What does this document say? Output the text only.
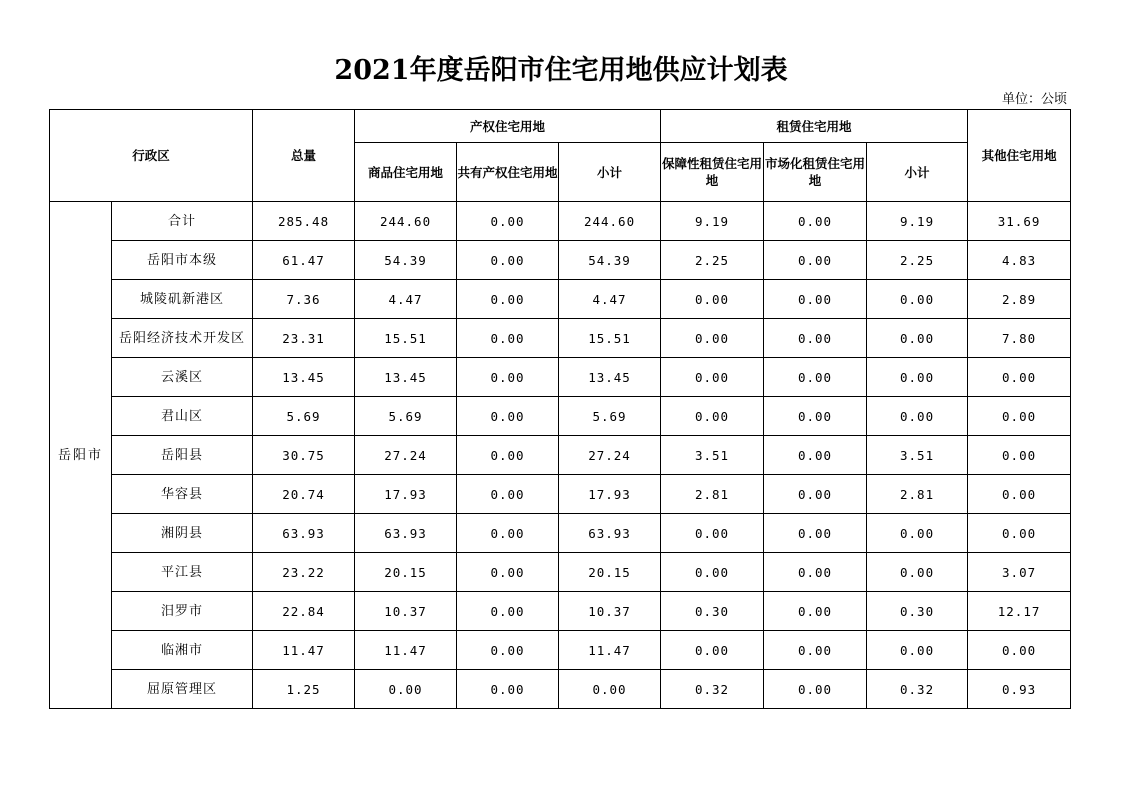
2021年度岳阳市住宅用地供应计划表
单位：公顷
行政区		总量	产权住宅用地			租赁住宅用地			其他住宅用地
			商品住宅用地	共有产权住宅用地	小计	保障性租赁住宅用地	市场化租赁住宅用地	小计	
岳阳市	合计	285.48	244.60	0.00	244.60	9.19	0.00	9.19	31.69
	岳阳市本级	61.47	54.39	0.00	54.39	2.25	0.00	2.25	4.83
	城陵矶新港区	7.36	4.47	0.00	4.47	0.00	0.00	0.00	2.89
	岳阳经济技术开发区	23.31	15.51	0.00	15.51	0.00	0.00	0.00	7.80
	云溪区	13.45	13.45	0.00	13.45	0.00	0.00	0.00	0.00
	君山区	5.69	5.69	0.00	5.69	0.00	0.00	0.00	0.00
	岳阳县	30.75	27.24	0.00	27.24	3.51	0.00	3.51	0.00
	华容县	20.74	17.93	0.00	17.93	2.81	0.00	2.81	0.00
	湘阴县	63.93	63.93	0.00	63.93	0.00	0.00	0.00	0.00
	平江县	23.22	20.15	0.00	20.15	0.00	0.00	0.00	3.07
	汨罗市	22.84	10.37	0.00	10.37	0.30	0.00	0.30	12.17
	临湘市	11.47	11.47	0.00	11.47	0.00	0.00	0.00	0.00
	屈原管理区	1.25	0.00	0.00	0.00	0.32	0.00	0.32	0.93
